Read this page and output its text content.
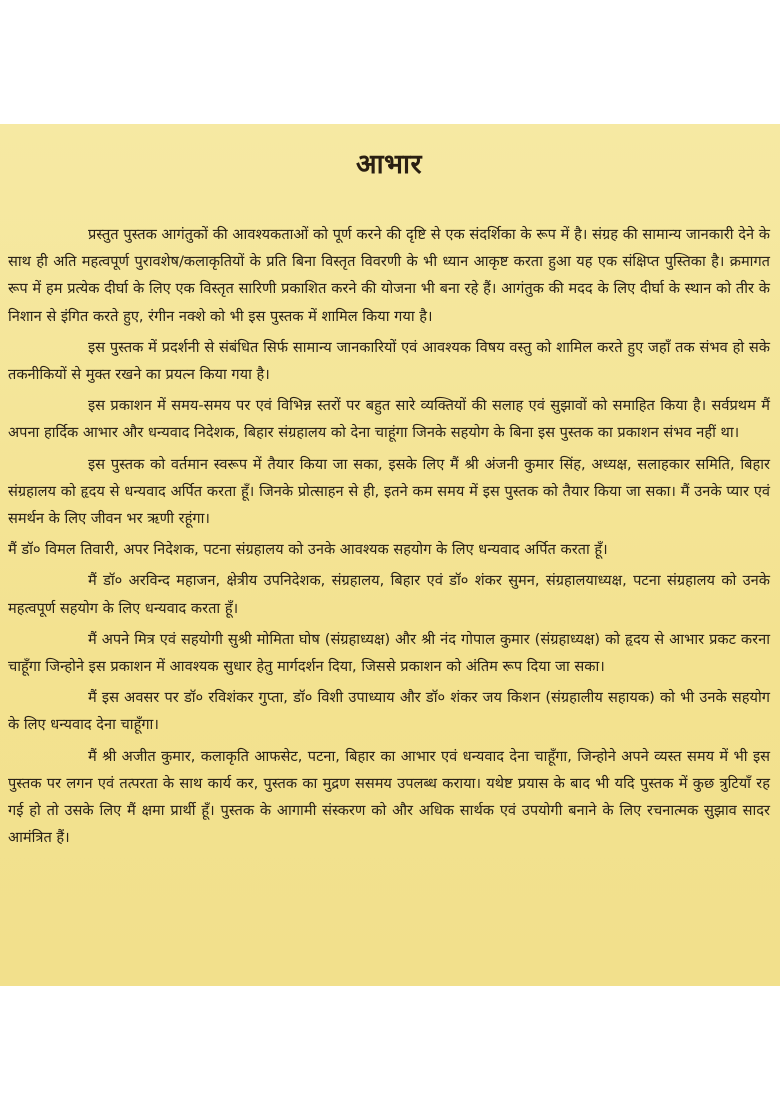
आभार

प्रस्तुत पुस्तक आगंतुकों की आवश्यकताओं को पूर्ण करने की दृष्टि से एक संदर्शिका के रूप में है। संग्रह की सामान्य जानकारी देने के साथ ही अति महत्वपूर्ण पुरावशेष/कलाकृतियों के प्रति बिना विस्तृत विवरणी के भी ध्यान आकृष्ट करता हुआ यह एक संक्षिप्त पुस्तिका है। क्रमागत रूप में हम प्रत्येक दीर्घा के लिए एक विस्तृत सारिणी प्रकाशित करने की योजना भी बना रहे हैं। आगंतुक की मदद के लिए दीर्घा के स्थान को तीर के निशान से इंगित करते हुए, रंगीन नक्शे को भी इस पुस्तक में शामिल किया गया है।

इस पुस्तक में प्रदर्शनी से संबंधित सिर्फ सामान्य जानकारियों एवं आवश्यक विषय वस्तु को शामिल करते हुए जहाँ तक संभव हो सके तकनीकियों से मुक्त रखने का प्रयत्न किया गया है।

इस प्रकाशन में समय-समय पर एवं विभिन्न स्तरों पर बहुत सारे व्यक्तियों की सलाह एवं सुझावों को समाहित किया है। सर्वप्रथम मैं अपना हार्दिक आभार और धन्यवाद निदेशक, बिहार संग्रहालय को देना चाहूंगा जिनके सहयोग के बिना इस पुस्तक का प्रकाशन संभव नहीं था।

इस पुस्तक को वर्तमान स्वरूप में तैयार किया जा सका, इसके लिए मैं श्री अंजनी कुमार सिंह, अध्यक्ष, सलाहकार समिति, बिहार संग्रहालय को हृदय से धन्यवाद अर्पित करता हूँ। जिनके प्रोत्साहन से ही, इतने कम समय में इस पुस्तक को तैयार किया जा सका। मैं उनके प्यार एवं समर्थन के लिए जीवन भर ऋणी रहूंगा।

मैं डॉ० विमल तिवारी, अपर निदेशक, पटना संग्रहालय को उनके आवश्यक सहयोग के लिए धन्यवाद अर्पित करता हूँ।

मैं डॉ० अरविन्द महाजन, क्षेत्रीय उपनिदेशक, संग्रहालय, बिहार एवं डॉ० शंकर सुमन, संग्रहालयाध्यक्ष, पटना संग्रहालय को उनके महत्वपूर्ण सहयोग के लिए धन्यवाद करता हूँ।

मैं अपने मित्र एवं सहयोगी सुश्री मोमिता घोष (संग्रहाध्यक्ष) और श्री नंद गोपाल कुमार (संग्रहाध्यक्ष) को हृदय से आभार प्रकट करना चाहूँगा जिन्होने इस प्रकाशन में आवश्यक सुधार हेतु मार्गदर्शन दिया, जिससे प्रकाशन को अंतिम रूप दिया जा सका।

मैं इस अवसर पर डॉ० रविशंकर गुप्ता, डॉ० विशी उपाध्याय और डॉ० शंकर जय किशन (संग्रहालीय सहायक) को भी उनके सहयोग के लिए धन्यवाद देना चाहूँगा।

मैं श्री अजीत कुमार, कलाकृति आफसेट, पटना, बिहार का आभार एवं धन्यवाद देना चाहूँगा, जिन्होने अपने व्यस्त समय में भी इस पुस्तक पर लगन एवं तत्परता के साथ कार्य कर, पुस्तक का मुद्रण ससमय उपलब्ध कराया। यथेष्ट प्रयास के बाद भी यदि पुस्तक में कुछ त्रुटियाँ रह गई हो तो उसके लिए मैं क्षमा प्रार्थी हूँ। पुस्तक के आगामी संस्करण को और अधिक सार्थक एवं उपयोगी बनाने के लिए रचनात्मक सुझाव सादर आमंत्रित हैं।
